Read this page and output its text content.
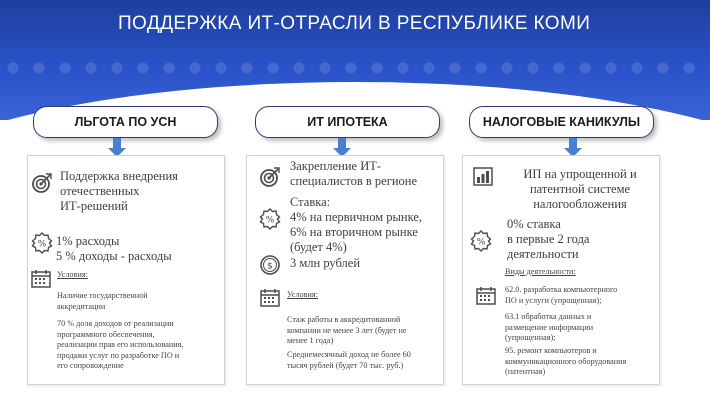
ПОДДЕРЖКА ИТ-ОТРАСЛИ В РЕСПУБЛИКЕ КОМИ
ЛЬГОТА ПО УСН	ИТ ИПОТЕКА	НАЛОГОВЫЕ КАНИКУЛЫ
Поддержка внедрения
отечественных
ИТ-решений
% 1% расходы
5 % доходы - расходы
Условия:
Наличие государственной
аккредитации
70 % доля доходов от реализации
программного обеспечения,
реализации прав его использования,
продажи услуг по разработке ПО и
его сопровождение
Закрепление ИТ-
специалистов в регионе
%
Ставка:
4% на первичном рынке,
6% на вторичном рынке
(будет 4%)
$ 3 млн рублей
Условия:
Стаж работы в аккредитованной
компании не менее 3 лет (будет не
менее 1 года)
Среднемесячный доход не более 60
тысяч рублей (будет 70 тыс. руб.)
ИП на упрощенной и
патентной системе
налогообложения
%
0% ставка
в первые 2 года
деятельности
Виды деятельности:
62.0. разработка компьютерного
ПО и услуги (упрощенная);
63.1 обработка данных и
размещение информации
(упрощенная);
95. ремонт компьютеров и
коммуникационного оборудования
(патентная)
